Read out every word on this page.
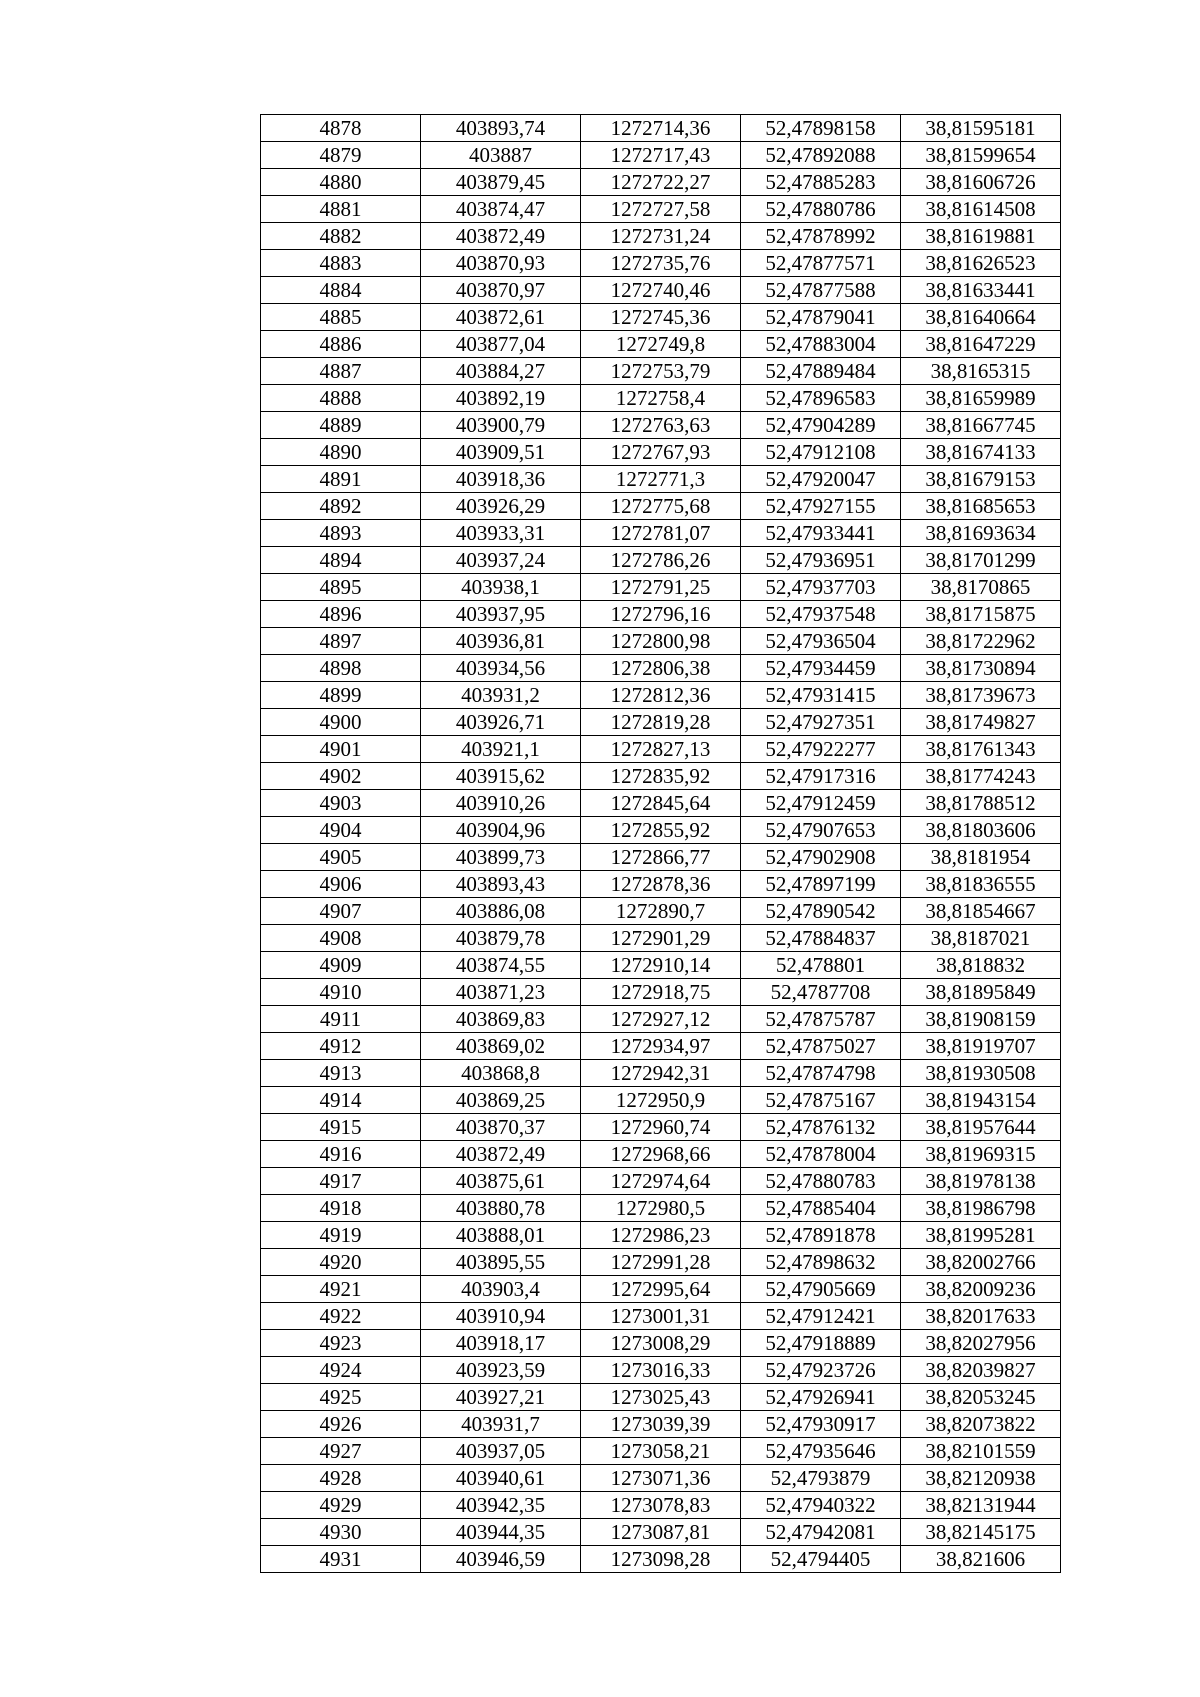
4878	403893,74	1272714,36	52,47898158	38,81595181
4879	403887	1272717,43	52,47892088	38,81599654
4880	403879,45	1272722,27	52,47885283	38,81606726
4881	403874,47	1272727,58	52,47880786	38,81614508
4882	403872,49	1272731,24	52,47878992	38,81619881
4883	403870,93	1272735,76	52,47877571	38,81626523
4884	403870,97	1272740,46	52,47877588	38,81633441
4885	403872,61	1272745,36	52,47879041	38,81640664
4886	403877,04	1272749,8	52,47883004	38,81647229
4887	403884,27	1272753,79	52,47889484	38,8165315
4888	403892,19	1272758,4	52,47896583	38,81659989
4889	403900,79	1272763,63	52,47904289	38,81667745
4890	403909,51	1272767,93	52,47912108	38,81674133
4891	403918,36	1272771,3	52,47920047	38,81679153
4892	403926,29	1272775,68	52,47927155	38,81685653
4893	403933,31	1272781,07	52,47933441	38,81693634
4894	403937,24	1272786,26	52,47936951	38,81701299
4895	403938,1	1272791,25	52,47937703	38,8170865
4896	403937,95	1272796,16	52,47937548	38,81715875
4897	403936,81	1272800,98	52,47936504	38,81722962
4898	403934,56	1272806,38	52,47934459	38,81730894
4899	403931,2	1272812,36	52,47931415	38,81739673
4900	403926,71	1272819,28	52,47927351	38,81749827
4901	403921,1	1272827,13	52,47922277	38,81761343
4902	403915,62	1272835,92	52,47917316	38,81774243
4903	403910,26	1272845,64	52,47912459	38,81788512
4904	403904,96	1272855,92	52,47907653	38,81803606
4905	403899,73	1272866,77	52,47902908	38,8181954
4906	403893,43	1272878,36	52,47897199	38,81836555
4907	403886,08	1272890,7	52,47890542	38,81854667
4908	403879,78	1272901,29	52,47884837	38,8187021
4909	403874,55	1272910,14	52,478801	38,818832
4910	403871,23	1272918,75	52,4787708	38,81895849
4911	403869,83	1272927,12	52,47875787	38,81908159
4912	403869,02	1272934,97	52,47875027	38,81919707
4913	403868,8	1272942,31	52,47874798	38,81930508
4914	403869,25	1272950,9	52,47875167	38,81943154
4915	403870,37	1272960,74	52,47876132	38,81957644
4916	403872,49	1272968,66	52,47878004	38,81969315
4917	403875,61	1272974,64	52,47880783	38,81978138
4918	403880,78	1272980,5	52,47885404	38,81986798
4919	403888,01	1272986,23	52,47891878	38,81995281
4920	403895,55	1272991,28	52,47898632	38,82002766
4921	403903,4	1272995,64	52,47905669	38,82009236
4922	403910,94	1273001,31	52,47912421	38,82017633
4923	403918,17	1273008,29	52,47918889	38,82027956
4924	403923,59	1273016,33	52,47923726	38,82039827
4925	403927,21	1273025,43	52,47926941	38,82053245
4926	403931,7	1273039,39	52,47930917	38,82073822
4927	403937,05	1273058,21	52,47935646	38,82101559
4928	403940,61	1273071,36	52,4793879	38,82120938
4929	403942,35	1273078,83	52,47940322	38,82131944
4930	403944,35	1273087,81	52,47942081	38,82145175
4931	403946,59	1273098,28	52,4794405	38,821606
